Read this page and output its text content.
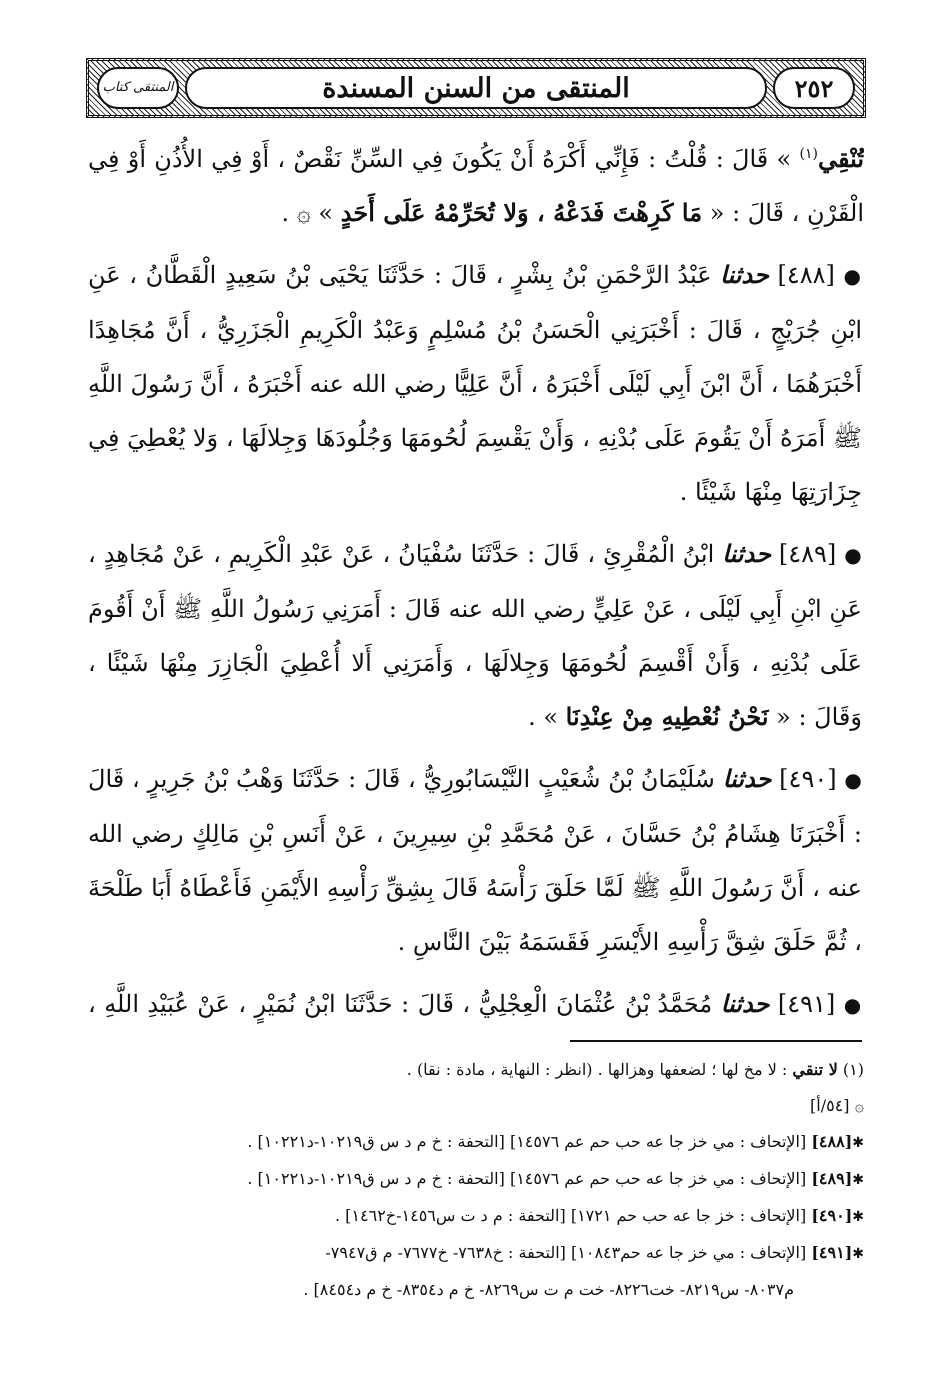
٢٥٢
المنتقى من السنن المسندة
المنتقى كتاب

تُنْقِي$^{(١)}$ » قَالَ : قُلْتُ : فَإِنِّي أَكْرَهُ أَنْ يَكُونَ فِي السِّنِّ نَقْصٌ ، أَوْ فِي الأُذُنِ أَوْ فِي الْقَرْنِ ، قَالَ : « مَا كَرِهْتَ فَدَعْهُ ، وَلا تُحَرِّمْهُ عَلَى أَحَدٍ » ۞ .

● [٤٨٨] حدثنا عَبْدُ الرَّحْمَنِ بْنُ بِشْرٍ ، قَالَ : حَدَّثَنَا يَحْيَى بْنُ سَعِيدٍ الْقَطَّانُ ، عَنِ ابْنِ جُرَيْجٍ ، قَالَ : أَخْبَرَنِي الْحَسَنُ بْنُ مُسْلِمٍ وَعَبْدُ الْكَرِيمِ الْجَزَرِيُّ ، أَنَّ مُجَاهِدًا أَخْبَرَهُمَا ، أَنَّ ابْنَ أَبِي لَيْلَى أَخْبَرَهُ ، أَنَّ عَلِيًّا رضي الله عنه أَخْبَرَهُ ، أَنَّ رَسُولَ اللَّهِ ﷺ أَمَرَهُ أَنْ يَقُومَ عَلَى بُدْنِهِ ، وَأَنْ يَقْسِمَ لُحُومَهَا وَجُلُودَهَا وَجِلالَهَا ، وَلا يُعْطِيَ فِي جِزَارَتِهَا مِنْهَا شَيْئًا .

● [٤٨٩] حدثنا ابْنُ الْمُقْرِئِ ، قَالَ : حَدَّثَنَا سُفْيَانُ ، عَنْ عَبْدِ الْكَرِيمِ ، عَنْ مُجَاهِدٍ ، عَنِ ابْنِ أَبِي لَيْلَى ، عَنْ عَلِيٍّ رضي الله عنه قَالَ : أَمَرَنِي رَسُولُ اللَّهِ ﷺ أَنْ أَقُومَ عَلَى بُدْنِهِ ، وَأَنْ أَقْسِمَ لُحُومَهَا وَجِلالَهَا ، وَأَمَرَنِي أَلا أُعْطِيَ الْجَازِرَ مِنْهَا شَيْئًا ، وَقَالَ : « نَحْنُ نُعْطِيهِ مِنْ عِنْدِنَا » .

● [٤٩٠] حدثنا سُلَيْمَانُ بْنُ شُعَيْبٍ النَّيْسَابُورِيُّ ، قَالَ : حَدَّثَنَا وَهْبُ بْنُ جَرِيرٍ ، قَالَ : أَخْبَرَنَا هِشَامُ بْنُ حَسَّانَ ، عَنْ مُحَمَّدِ بْنِ سِيرِينَ ، عَنْ أَنَسِ بْنِ مَالِكٍ رضي الله عنه ، أَنَّ رَسُولَ اللَّهِ ﷺ لَمَّا حَلَقَ رَأْسَهُ قَالَ بِشِقِّ رَأْسِهِ الأَيْمَنِ فَأَعْطَاهُ أَبَا طَلْحَةَ ، ثُمَّ حَلَقَ شِقَّ رَأْسِهِ الأَيْسَرِ فَقَسَمَهُ بَيْنَ النَّاسِ .

● [٤٩١] حدثنا مُحَمَّدُ بْنُ عُثْمَانَ الْعِجْلِيُّ ، قَالَ : حَدَّثَنَا ابْنُ نُمَيْرٍ ، عَنْ عُبَيْدِ اللَّهِ ،

(١) لا تنقي : لا مخ لها ؛ لضعفها وهزالها . (انظر : النهاية ، مادة : نقا) .

۞ [٥٤/أ]

✱[٤٨٨] [الإتحاف : مي خز جا عه حب حم عم ١٤٥٧٦] [التحفة : خ م د س ق١٠٢١٩-د١٠٢٢١] .

✱[٤٨٩] [الإتحاف : مي خز جا عه حب حم عم ١٤٥٧٦] [التحفة : خ م د س ق١٠٢١٩-د١٠٢٢١] .

✱[٤٩٠] [الإتحاف : خز جا عه حب حم ١٧٢١] [التحفة : م د ت س١٤٥٦-خ١٤٦٢] .

✱[٤٩١] [الإتحاف : مي خز جا عه حم١٠٨٤٣] [التحفة : خ٧٦٣٨- خ٧٦٧٧- م ق٧٩٤٧-

م٨٠٣٧- س٨٢١٩- خت٨٢٢٦- خت م ت س٨٢٦٩- خ م د٨٣٥٤- خ م د٨٤٥٤] .
